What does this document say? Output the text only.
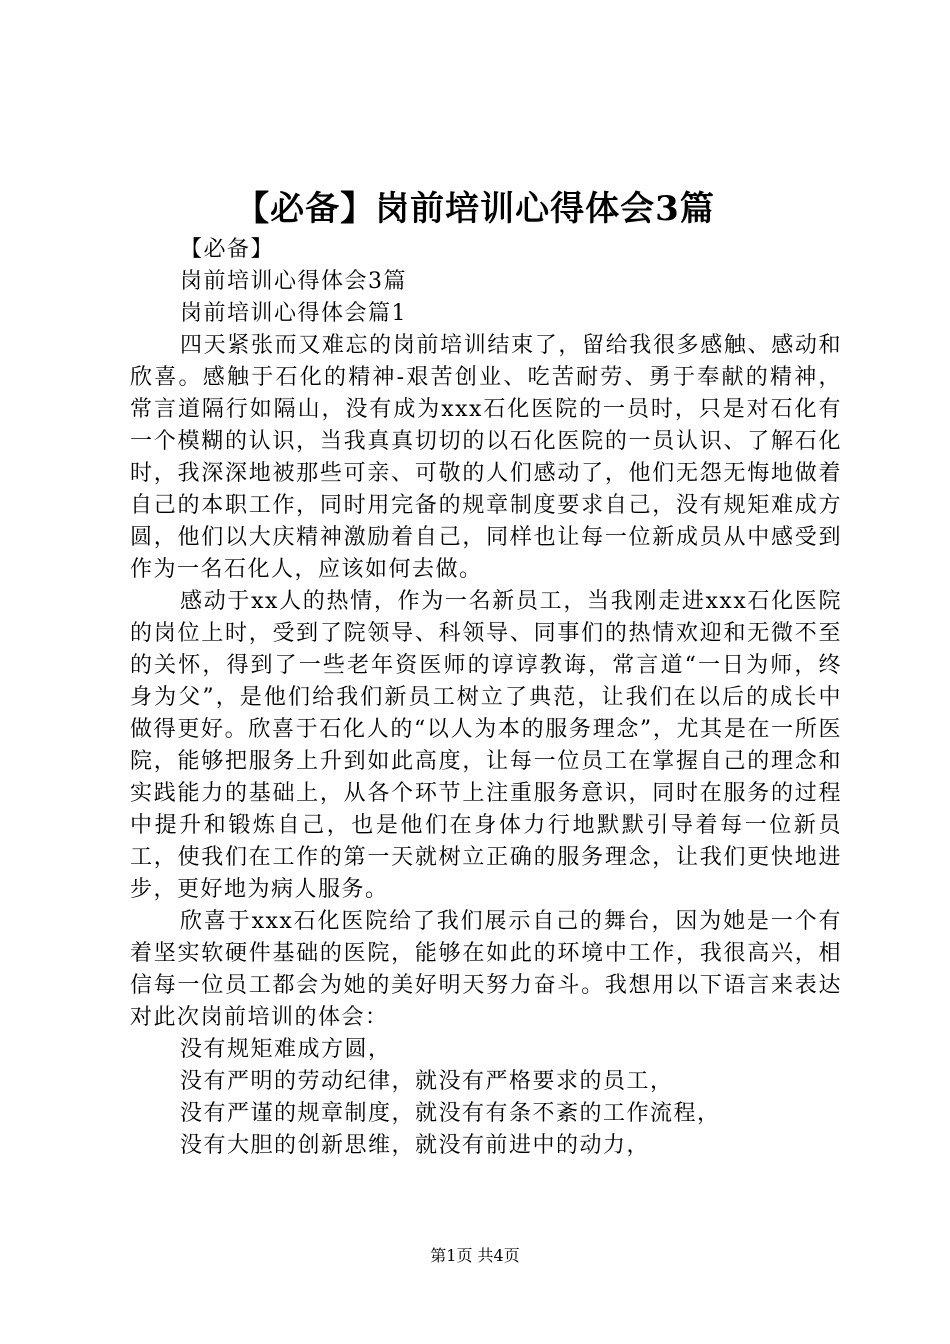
【必备】岗前培训心得体会3篇

【必备】

岗前培训心得体会3篇

岗前培训心得体会篇1

四天紧张而又难忘的岗前培训结束了，留给我很多感触、感动和欣喜。感触于石化的精神-艰苦创业、吃苦耐劳、勇于奉献的精神，常言道隔行如隔山，没有成为xxx石化医院的一员时，只是对石化有一个模糊的认识，当我真真切切的以石化医院的一员认识、了解石化时，我深深地被那些可亲、可敬的人们感动了，他们无怨无悔地做着自己的本职工作，同时用完备的规章制度要求自己，没有规矩难成方圆，他们以大庆精神激励着自己，同样也让每一位新成员从中感受到作为一名石化人，应该如何去做。

感动于xx人的热情，作为一名新员工，当我刚走进xxx石化医院的岗位上时，受到了院领导、科领导、同事们的热情欢迎和无微不至的关怀，得到了一些老年资医师的谆谆教诲，常言道“一日为师，终身为父”，是他们给我们新员工树立了典范，让我们在以后的成长中做得更好。欣喜于石化人的“以人为本的服务理念”，尤其是在一所医院，能够把服务上升到如此高度，让每一位员工在掌握自己的理念和实践能力的基础上，从各个环节上注重服务意识，同时在服务的过程中提升和锻炼自己，也是他们在身体力行地默默引导着每一位新员工，使我们在工作的第一天就树立正确的服务理念，让我们更快地进步，更好地为病人服务。

欣喜于xxx石化医院给了我们展示自己的舞台，因为她是一个有着坚实软硬件基础的医院，能够在如此的环境中工作，我很高兴，相信每一位员工都会为她的美好明天努力奋斗。我想用以下语言来表达对此次岗前培训的体会：

没有规矩难成方圆，

没有严明的劳动纪律，就没有严格要求的员工，

没有严谨的规章制度，就没有有条不紊的工作流程，

没有大胆的创新思维，就没有前进中的动力，

第1页 共4页
